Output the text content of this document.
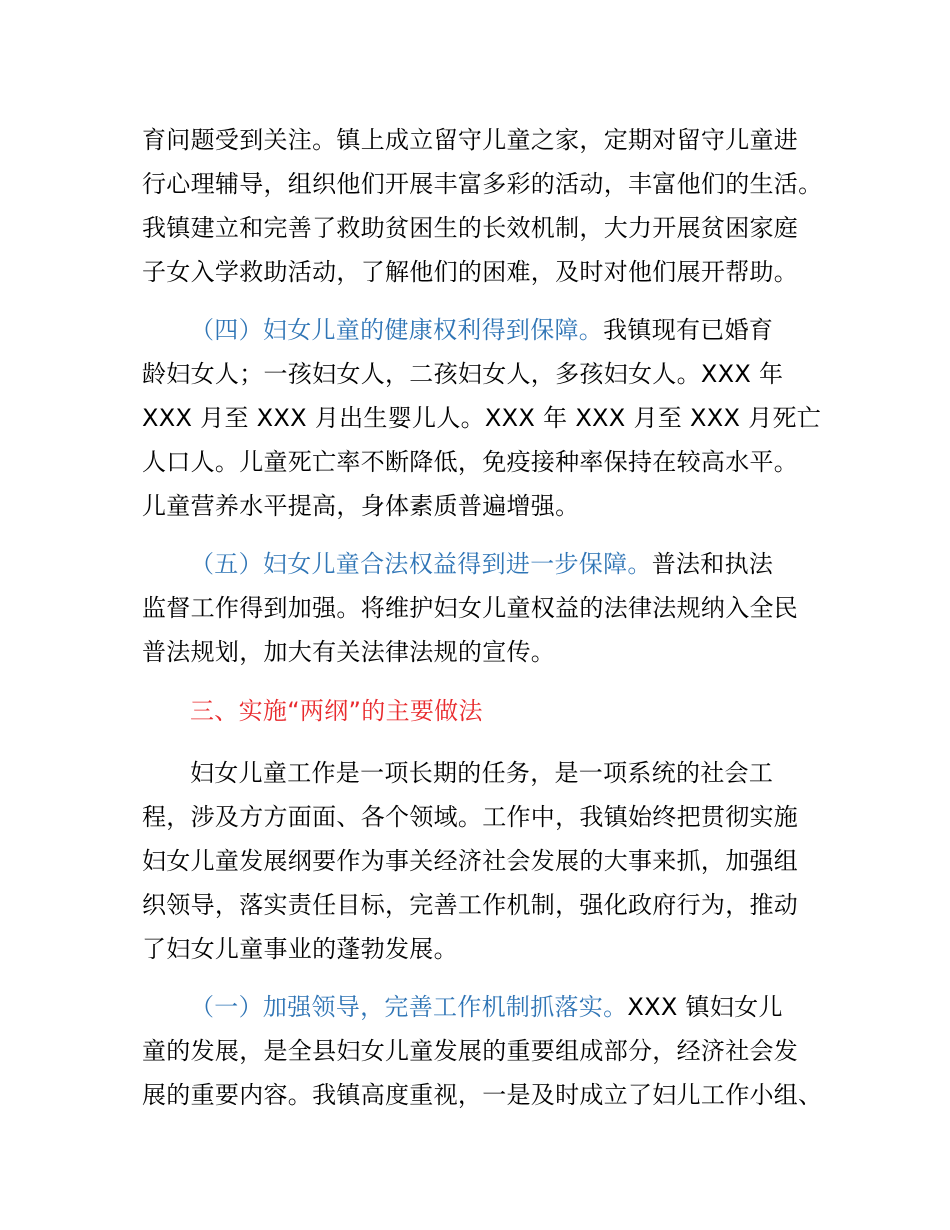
育问题受到关注。镇上成立留守儿童之家，定期对留守儿童进
行心理辅导，组织他们开展丰富多彩的活动，丰富他们的生活。
我镇建立和完善了救助贫困生的长效机制，大力开展贫困家庭
子女入学救助活动，了解他们的困难，及时对他们展开帮助。
（四）妇女儿童的健康权利得到保障。我镇现有已婚育
龄妇女人；一孩妇女人，二孩妇女人，多孩妇女人。XXX 年
XXX 月至 XXX 月出生婴儿人。XXX 年 XXX 月至 XXX 月死亡
人口人。儿童死亡率不断降低，免疫接种率保持在较高水平。
儿童营养水平提高，身体素质普遍增强。
（五）妇女儿童合法权益得到进一步保障。普法和执法
监督工作得到加强。将维护妇女儿童权益的法律法规纳入全民
普法规划，加大有关法律法规的宣传。
三、实施“两纲”的主要做法
妇女儿童工作是一项长期的任务，是一项系统的社会工
程，涉及方方面面、各个领域。工作中，我镇始终把贯彻实施
妇女儿童发展纲要作为事关经济社会发展的大事来抓，加强组
织领导，落实责任目标，完善工作机制，强化政府行为，推动
了妇女儿童事业的蓬勃发展。
（一）加强领导，完善工作机制抓落实。XXX 镇妇女儿
童的发展，是全县妇女儿童发展的重要组成部分，经济社会发
展的重要内容。我镇高度重视，一是及时成立了妇儿工作小组、
